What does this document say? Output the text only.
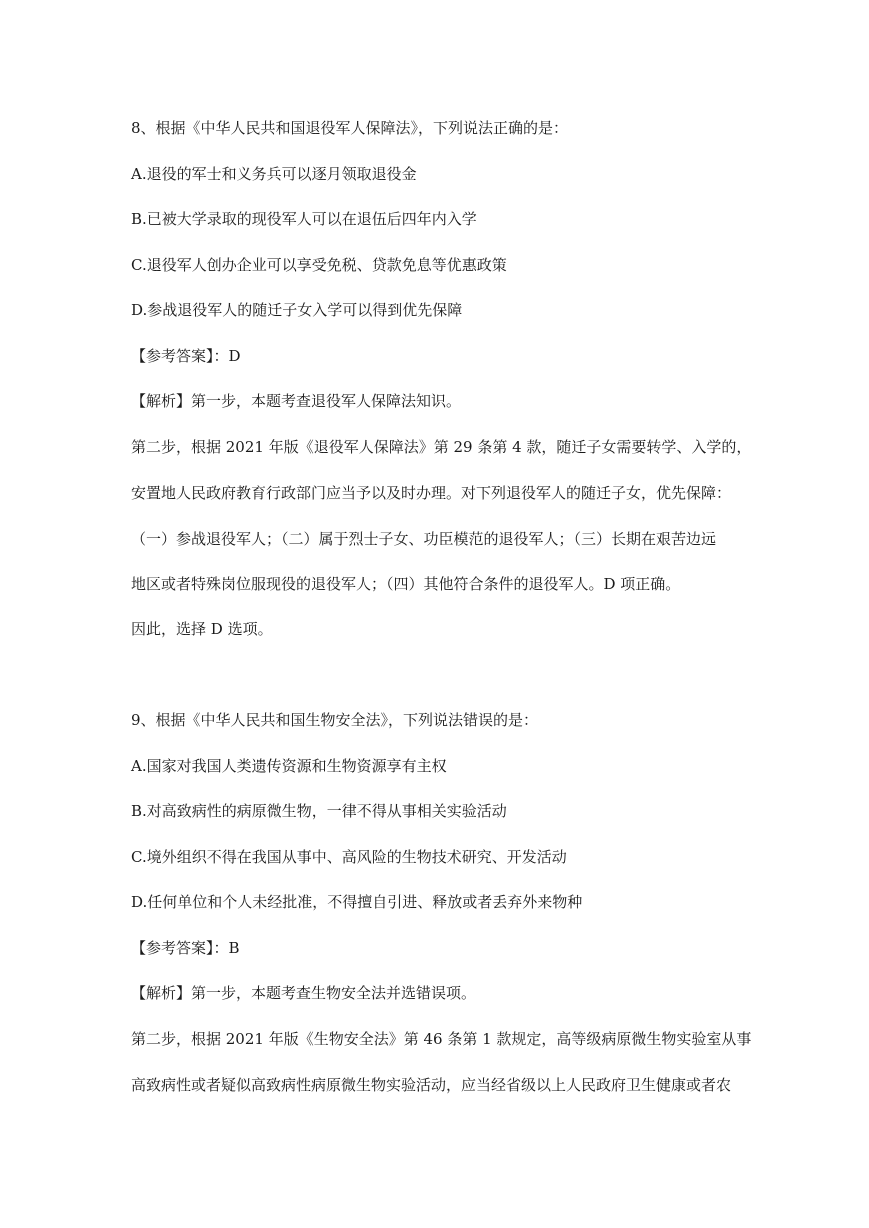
8、根据《中华人民共和国退役军人保障法》，下列说法正确的是：
A.退役的军士和义务兵可以逐月领取退役金
B.已被大学录取的现役军人可以在退伍后四年内入学
C.退役军人创办企业可以享受免税、贷款免息等优惠政策
D.参战退役军人的随迁子女入学可以得到优先保障
【参考答案】：D
【解析】第一步，本题考查退役军人保障法知识。
第二步，根据 2021 年版《退役军人保障法》第 29 条第 4 款，随迁子女需要转学、入学的，
安置地人民政府教育行政部门应当予以及时办理。对下列退役军人的随迁子女，优先保障：
（一）参战退役军人；（二）属于烈士子女、功臣模范的退役军人；（三）长期在艰苦边远
地区或者特殊岗位服现役的退役军人；（四）其他符合条件的退役军人。D 项正确。
因此，选择 D 选项。
9、根据《中华人民共和国生物安全法》，下列说法错误的是：
A.国家对我国人类遗传资源和生物资源享有主权
B.对高致病性的病原微生物，一律不得从事相关实验活动
C.境外组织不得在我国从事中、高风险的生物技术研究、开发活动
D.任何单位和个人未经批准，不得擅自引进、释放或者丢弃外来物种
【参考答案】：B
【解析】第一步，本题考查生物安全法并选错误项。
第二步，根据 2021 年版《生物安全法》第 46 条第 1 款规定，高等级病原微生物实验室从事
高致病性或者疑似高致病性病原微生物实验活动，应当经省级以上人民政府卫生健康或者农
